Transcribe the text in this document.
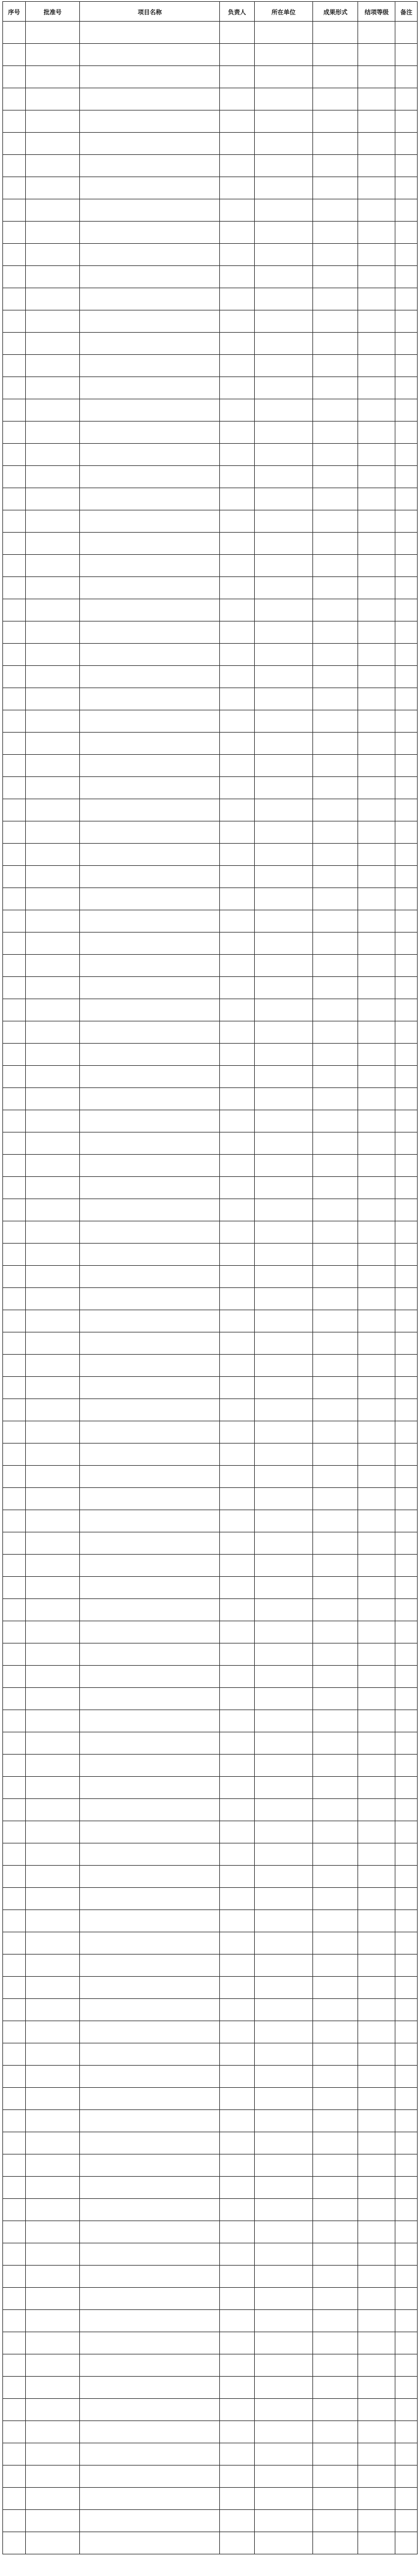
序号	批准号	项目名称	负责人	所在单位	成果形式	结项等级	备注
